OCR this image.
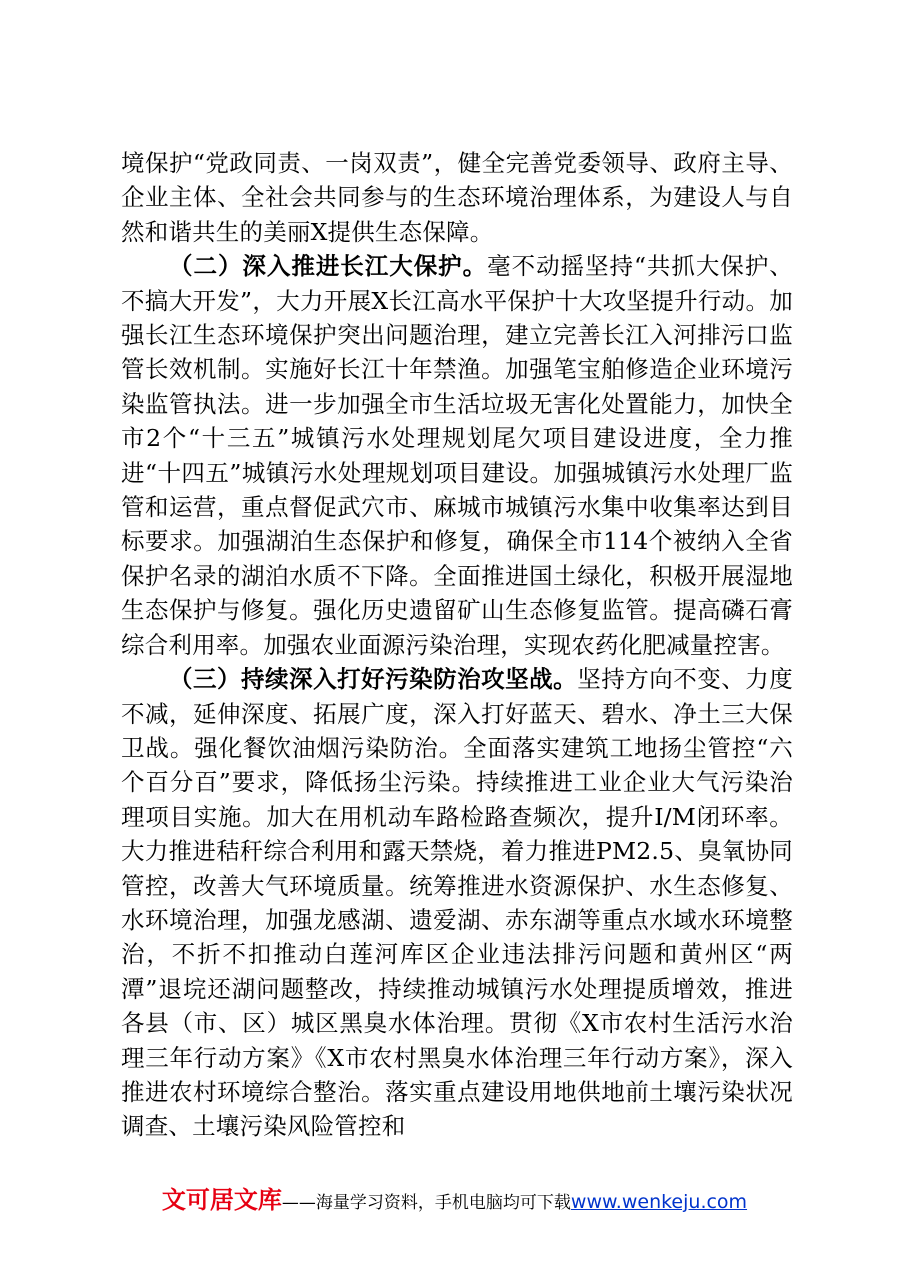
境保护“党政同责、一岗双责”，健全完善党委领导、政府主导、企业主体、全社会共同参与的生态环境治理体系，为建设人与自然和谐共生的美丽X提供生态保障。

（二）深入推进长江大保护。毫不动摇坚持“共抓大保护、不搞大开发”，大力开展X长江高水平保护十大攻坚提升行动。加强长江生态环境保护突出问题治理，建立完善长江入河排污口监管长效机制。实施好长江十年禁渔。加强笔宝舶修造企业环境污染监管执法。进一步加强全市生活垃圾无害化处置能力，加快全市2个“十三五”城镇污水处理规划尾欠项目建设进度，全力推进“十四五”城镇污水处理规划项目建设。加强城镇污水处理厂监管和运营，重点督促武穴市、麻城市城镇污水集中收集率达到目标要求。加强湖泊生态保护和修复，确保全市114个被纳入全省保护名录的湖泊水质不下降。全面推进国土绿化，积极开展湿地生态保护与修复。强化历史遗留矿山生态修复监管。提高磷石膏综合利用率。加强农业面源污染治理，实现农药化肥减量控害。

（三）持续深入打好污染防治攻坚战。坚持方向不变、力度不减，延伸深度、拓展广度，深入打好蓝天、碧水、净土三大保卫战。强化餐饮油烟污染防治。全面落实建筑工地扬尘管控“六个百分百”要求，降低扬尘污染。持续推进工业企业大气污染治理项目实施。加大在用机动车路检路查频次，提升I/M闭环率。大力推进秸秆综合利用和露天禁烧，着力推进PM2.5、臭氧协同管控，改善大气环境质量。统筹推进水资源保护、水生态修复、水环境治理，加强龙感湖、遗爱湖、赤东湖等重点水域水环境整治，不折不扣推动白莲河库区企业违法排污问题和黄州区“两潭”退垸还湖问题整改，持续推动城镇污水处理提质增效，推进各县（市、区）城区黑臭水体治理。贯彻《X市农村生活污水治理三年行动方案》《X市农村黑臭水体治理三年行动方案》，深入推进农村环境综合整治。落实重点建设用地供地前土壤污染状况调查、土壤污染风险管控和

文可居文库——海量学习资料，手机电脑均可下载www.wenkeju.com
